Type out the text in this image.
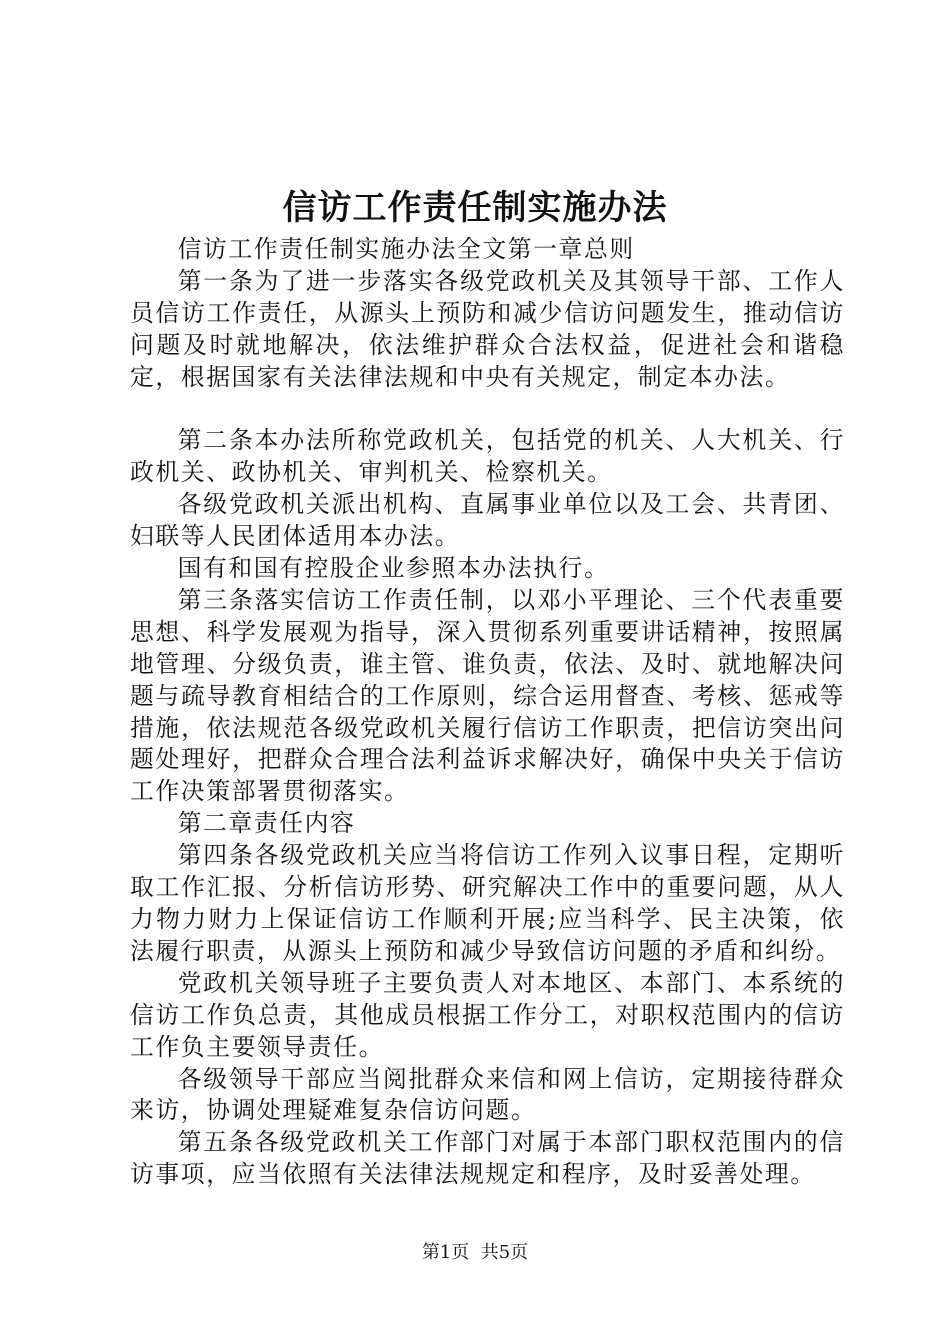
信访工作责任制实施办法

信访工作责任制实施办法全文第一章总则

第一条为了进一步落实各级党政机关及其领导干部、工作人员信访工作责任，从源头上预防和减少信访问题发生，推动信访问题及时就地解决，依法维护群众合法权益，促进社会和谐稳定，根据国家有关法律法规和中央有关规定，制定本办法。

第二条本办法所称党政机关，包括党的机关、人大机关、行政机关、政协机关、审判机关、检察机关。

各级党政机关派出机构、直属事业单位以及工会、共青团、妇联等人民团体适用本办法。

国有和国有控股企业参照本办法执行。

第三条落实信访工作责任制，以邓小平理论、三个代表重要思想、科学发展观为指导，深入贯彻系列重要讲话精神，按照属地管理、分级负责，谁主管、谁负责，依法、及时、就地解决问题与疏导教育相结合的工作原则，综合运用督查、考核、惩戒等措施，依法规范各级党政机关履行信访工作职责，把信访突出问题处理好，把群众合理合法利益诉求解决好，确保中央关于信访工作决策部署贯彻落实。

第二章责任内容

第四条各级党政机关应当将信访工作列入议事日程，定期听取工作汇报、分析信访形势、研究解决工作中的重要问题，从人力物力财力上保证信访工作顺利开展;应当科学、民主决策，依法履行职责，从源头上预防和减少导致信访问题的矛盾和纠纷。

党政机关领导班子主要负责人对本地区、本部门、本系统的信访工作负总责，其他成员根据工作分工，对职权范围内的信访工作负主要领导责任。

各级领导干部应当阅批群众来信和网上信访，定期接待群众来访，协调处理疑难复杂信访问题。

第五条各级党政机关工作部门对属于本部门职权范围内的信访事项，应当依照有关法律法规规定和程序，及时妥善处理。

第1页  共5页
